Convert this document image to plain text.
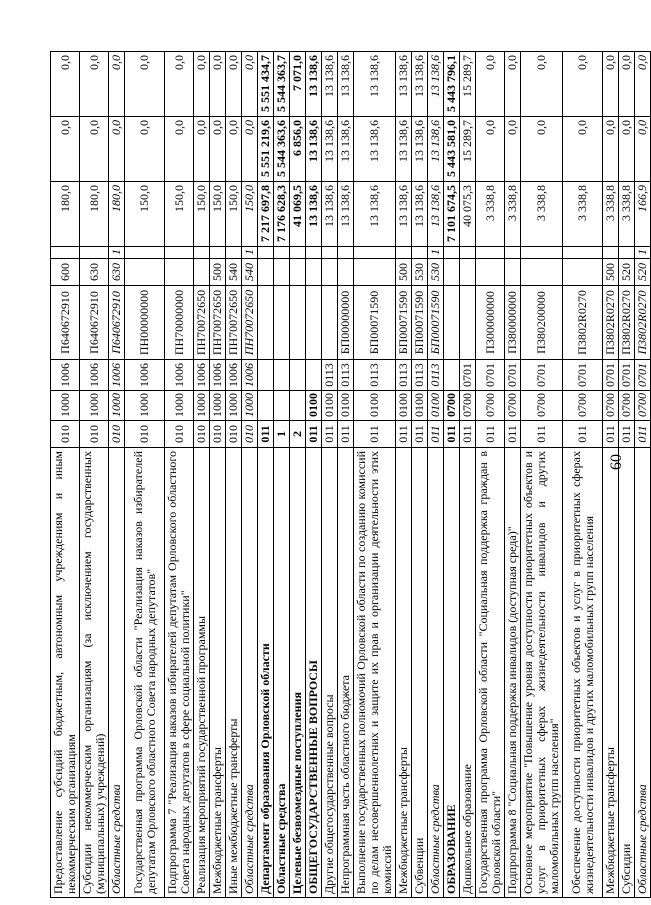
60
Предоставление субсидий бюджетным, автономным учреждениям и иным некоммерческим организациям	010	1000	1006	П640672910	600		180,0	0,0	0,0
Субсидии некоммерческим организациям (за исключением государственных (муниципальных) учреждений)	010	1000	1006	П640672910	630		180,0	0,0	0,0
Областные средства	010	1000	1006	П640672910	630	1	180,0	0,0	0,0
Государственная программа Орловской области "Реализация наказов избирателей депутатам Орловского областного Совета народных депутатов"	010	1000	1006	ПН00000000			150,0	0,0	0,0
Подпрограмма 7 "Реализация наказов избирателей депутатам Орловского областного Совета народных депутатов в сфере социальной политики"	010	1000	1006	ПН70000000			150,0	0,0	0,0
Реализация мероприятий государственной программы	010	1000	1006	ПН70072650			150,0	0,0	0,0
Межбюджетные трансферты	010	1000	1006	ПН70072650	500		150,0	0,0	0,0
Иные межбюджетные трансферты	010	1000	1006	ПН70072650	540		150,0	0,0	0,0
Областные средства	010	1000	1006	ПН70072650	540	1	150,0	0,0	0,0
Департамент образования Орловской области	011						7 217 697,8	5 551 219,6	5 551 434,7
Областные средства	1						7 176 628,3	5 544 363,6	5 544 363,7
Целевые безвозмездные поступления	2						41 069,5	6 856,0	7 071,0
ОБЩЕГОСУДАРСТВЕННЫЕ ВОПРОСЫ	011	0100					13 138,6	13 138,6	13 138,6
Другие общегосударственные вопросы	011	0100	0113				13 138,6	13 138,6	13 138,6
Непрограммная часть областного бюджета	011	0100	0113	БП00000000			13 138,6	13 138,6	13 138,6
Выполнение государственных полномочий Орловской области по созданию комиссий по делам несовершеннолетних и защите их прав и организации деятельности этих комиссий	011	0100	0113	БП00071590			13 138,6	13 138,6	13 138,6
Межбюджетные трансферты	011	0100	0113	БП00071590	500		13 138,6	13 138,6	13 138,6
Субвенции	011	0100	0113	БП00071590	530		13 138,6	13 138,6	13 138,6
Областные средства	011	0100	0113	БП00071590	530	1	13 138,6	13 138,6	13 138,6
ОБРАЗОВАНИЕ	011	0700					7 101 674,5	5 443 581,0	5 443 796,1
Дошкольное образование	011	0700	0701				40 075,3	15 289,7	15 289,7
Государственная программа Орловской области "Социальная поддержка граждан в Орловской области"	011	0700	0701	П300000000			3 338,8	0,0	0,0
Подпрограмма 8 "Социальная поддержка инвалидов (доступная среда)"	011	0700	0701	П380000000			3 338,8	0,0	0,0
Основное мероприятие "Повышение уровня доступности приоритетных объектов и услуг в приоритетных сферах жизнедеятельности инвалидов и других маломобильных групп населения"	011	0700	0701	П380200000			3 338,8	0,0	0,0
Обеспечение доступности приоритетных объектов и услуг в приоритетных сферах жизнедеятельности инвалидов и других маломобильных групп населения	011	0700	0701	П3802R0270			3 338,8	0,0	0,0
Межбюджетные трансферты	011	0700	0701	П3802R0270	500		3 338,8	0,0	0,0
Субсидии	011	0700	0701	П3802R0270	520		3 338,8	0,0	0,0
Областные средства	011	0700	0701	П3802R0270	520	1	166,9	0,0	0,0
